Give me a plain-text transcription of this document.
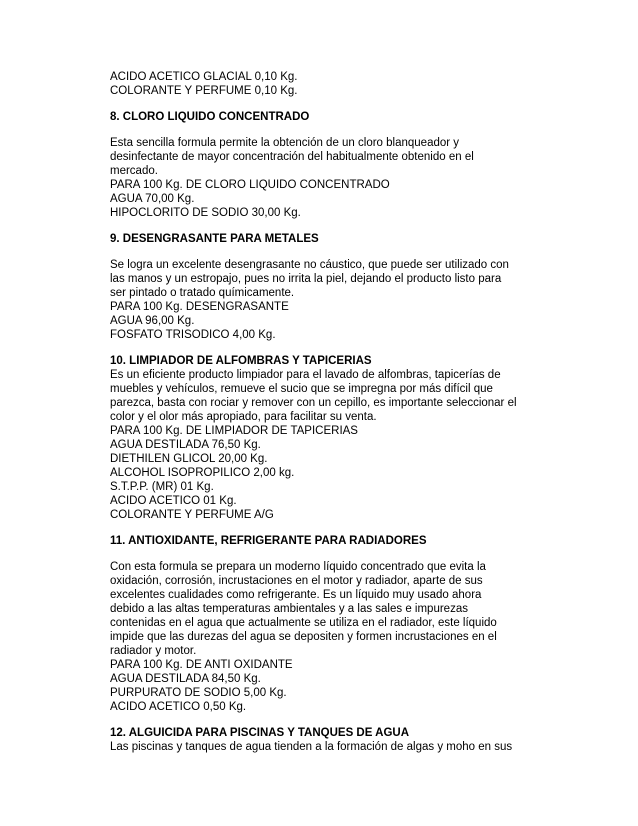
ACIDO ACETICO GLACIAL 0,10 Kg.
COLORANTE Y PERFUME 0,10 Kg.
8. CLORO LIQUIDO CONCENTRADO
Esta sencilla formula permite la obtención de un cloro blanqueador y
desinfectante de mayor concentración del habitualmente obtenido en el
mercado.
PARA 100 Kg. DE CLORO LIQUIDO CONCENTRADO
AGUA 70,00 Kg.
HIPOCLORITO DE SODIO 30,00 Kg.
9. DESENGRASANTE PARA METALES
Se logra un excelente desengrasante no cáustico, que puede ser utilizado con
las manos y un estropajo, pues no irrita la piel, dejando el producto listo para
ser pintado o tratado químicamente.
PARA 100 Kg. DESENGRASANTE
AGUA 96,00 Kg.
FOSFATO TRISODICO 4,00 Kg.
10. LIMPIADOR DE ALFOMBRAS Y TAPICERIAS
Es un eficiente producto limpiador para el lavado de alfombras, tapicerías de
muebles y vehículos, remueve el sucio que se impregna por más difícil que
parezca, basta con rociar y remover con un cepillo, es importante seleccionar el
color y el olor más apropiado, para facilitar su venta.
PARA 100 Kg. DE LIMPIADOR DE TAPICERIAS
AGUA DESTILADA 76,50 Kg.
DIETHILEN GLICOL 20,00 Kg.
ALCOHOL ISOPROPILICO 2,00 kg.
S.T.P.P. (MR) 01 Kg.
ACIDO ACETICO 01 Kg.
COLORANTE Y PERFUME A/G
11. ANTIOXIDANTE, REFRIGERANTE PARA RADIADORES
Con esta formula se prepara un moderno líquido concentrado que evita la
oxidación, corrosión, incrustaciones en el motor y radiador, aparte de sus
excelentes cualidades como refrigerante. Es un líquido muy usado ahora
debido a las altas temperaturas ambientales y a las sales e impurezas
contenidas en el agua que actualmente se utiliza en el radiador, este líquido
impide que las durezas del agua se depositen y formen incrustaciones en el
radiador y motor.
PARA 100 Kg. DE ANTI OXIDANTE
AGUA DESTILADA 84,50 Kg.
PURPURATO DE SODIO 5,00 Kg.
ACIDO ACETICO 0,50 Kg.
12. ALGUICIDA PARA PISCINAS Y TANQUES DE AGUA
Las piscinas y tanques de agua tienden a la formación de algas y moho en sus
